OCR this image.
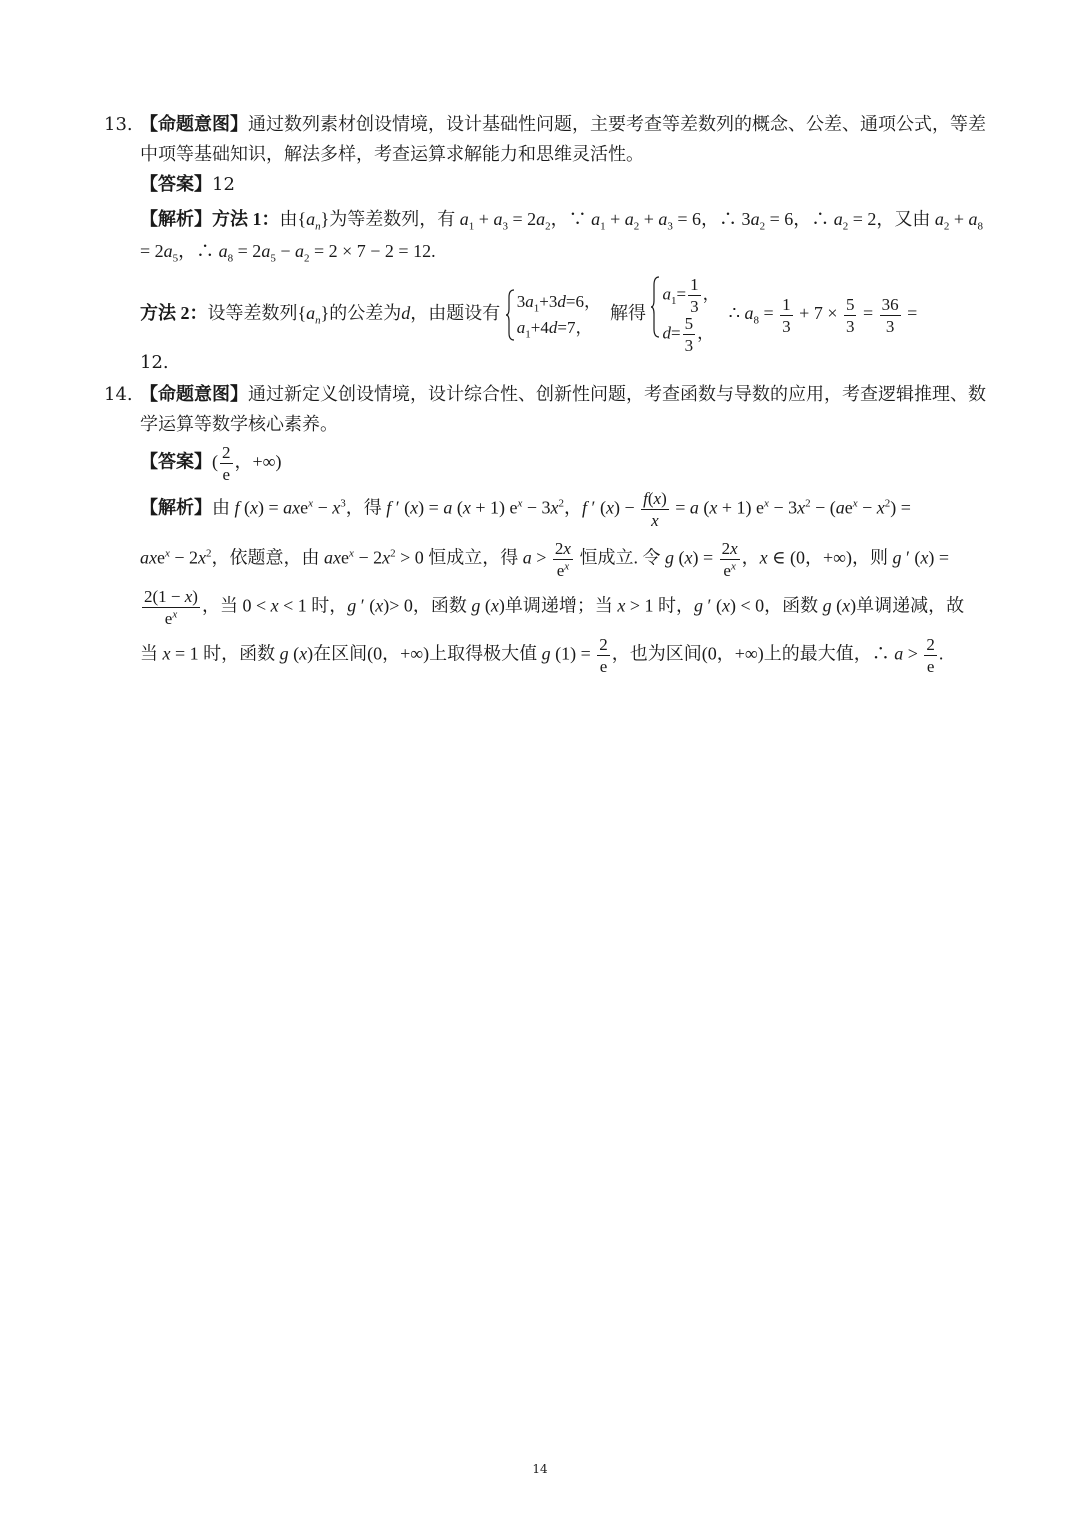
13. 【命题意图】通过数列素材创设情境，设计基础性问题，主要考查等差数列的概念、公差、通项公式，等差
中项等基础知识，解法多样，考查运算求解能力和思维灵活性。
【答案】12
【解析】方法 1：由$\{a_n\}$为等差数列，有 $a_1 + a_3 = 2a_2$，∵ $a_1 + a_2 + a_3 = 6$，∴ $3a_2 = 6$，∴ $a_2 = 2$，又由 $a_2 + a_8$
= $2a_5$，∴ $a_8 = 2a_5 - a_2 = 2 \times 7 - 2 = 12$.
方法 2：设等差数列$\{a_n\}$的公差为d，由题设有
$3a_1+3d=6$，
$a_1+4d=7$，
解得
$a_1= \frac{1}{3}$ ，
$d= \frac{5}{3}$ ，
∴ $a_8 = \frac{1}{3} + 7 \times \frac{5}{3} = \frac{36}{3}$ =
12.
14. 【命题意图】通过新定义创设情境，设计综合性、创新性问题，考查函数与导数的应用，考查逻辑推理、数
学运算等数学核心素养。
【答案】( $\frac{2}{e}$ ，+∞)
【解析】由 f $(x) = axe^x - x^3$，得 f ′ (x) = a (x + 1) $e^x - 3x^2$，f ′ $(x) - \frac{f(x)}{x} = a$ (x + 1) $e^x - 3x^2 - (ae^x - x^2)$ =
$axe^x - 2x^2$，依题意，由 $axe^x - 2x^2 > 0$ 恒成立，得 $a > \frac{2x}{e^x}$ 恒成立. 令 g $(x) = \frac{2x}{e^x}$ ，x ∈ (0，+∞)，则 g ′ (x) =
$\frac{2(1 - x)}{e^x}$ ，当 0 < x < 1 时，g ′ (x)> 0，函数 g (x)单调递增；当 x > 1 时，g ′ (x) < 0，函数 g (x)单调递减，故
当 x = 1 时，函数 g (x)在区间(0，+∞)上取得极大值 g $(1) = \frac{2}{e}$ ，也为区间(0，+∞)上的最大值，∴ $a > \frac{2}{e}$ .
14
